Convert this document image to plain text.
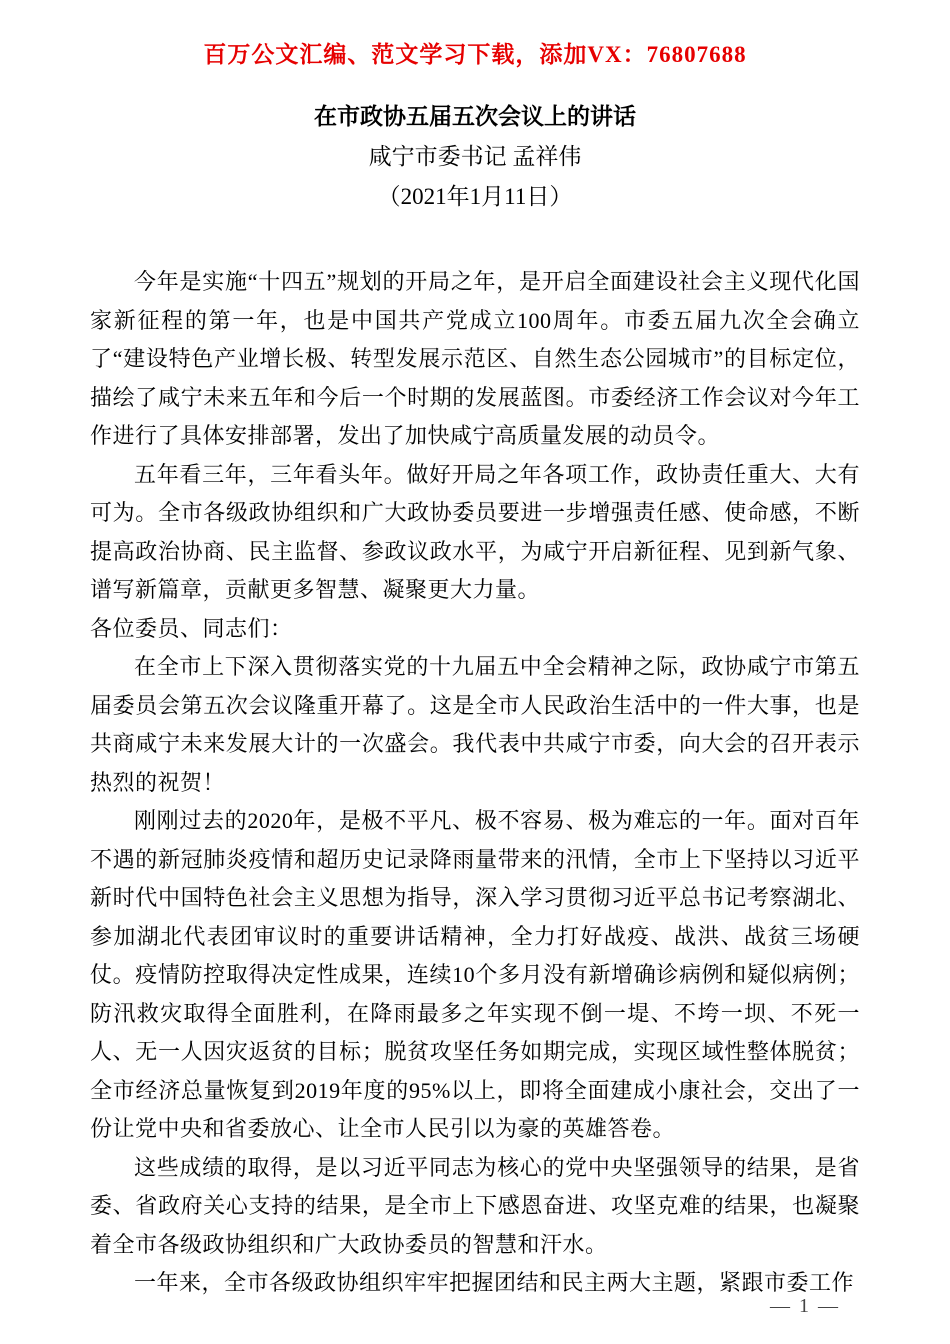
百万公文汇编、范文学习下载，添加VX：76807688

在市政协五届五次会议上的讲话

咸宁市委书记 孟祥伟

（2021年1月11日）

今年是实施“十四五”规划的开局之年，是开启全面建设社会主义现代化国家新征程的第一年，也是中国共产党成立100周年。市委五届九次全会确立了“建设特色产业增长极、转型发展示范区、自然生态公园城市”的目标定位，描绘了咸宁未来五年和今后一个时期的发展蓝图。市委经济工作会议对今年工作进行了具体安排部署，发出了加快咸宁高质量发展的动员令。

五年看三年，三年看头年。做好开局之年各项工作，政协责任重大、大有可为。全市各级政协组织和广大政协委员要进一步增强责任感、使命感，不断提高政治协商、民主监督、参政议政水平，为咸宁开启新征程、见到新气象、谱写新篇章，贡献更多智慧、凝聚更大力量。

各位委员、同志们：

在全市上下深入贯彻落实党的十九届五中全会精神之际，政协咸宁市第五届委员会第五次会议隆重开幕了。这是全市人民政治生活中的一件大事，也是共商咸宁未来发展大计的一次盛会。我代表中共咸宁市委，向大会的召开表示热烈的祝贺！

刚刚过去的2020年，是极不平凡、极不容易、极为难忘的一年。面对百年不遇的新冠肺炎疫情和超历史记录降雨量带来的汛情，全市上下坚持以习近平新时代中国特色社会主义思想为指导，深入学习贯彻习近平总书记考察湖北、参加湖北代表团审议时的重要讲话精神，全力打好战疫、战洪、战贫三场硬仗。疫情防控取得决定性成果，连续10个多月没有新增确诊病例和疑似病例；防汛救灾取得全面胜利，在降雨最多之年实现不倒一堤、不垮一坝、不死一人、无一人因灾返贫的目标；脱贫攻坚任务如期完成，实现区域性整体脱贫；全市经济总量恢复到2019年度的95%以上，即将全面建成小康社会，交出了一份让党中央和省委放心、让全市人民引以为豪的英雄答卷。

这些成绩的取得，是以习近平同志为核心的党中央坚强领导的结果，是省委、省政府关心支持的结果，是全市上下感恩奋进、攻坚克难的结果，也凝聚着全市各级政协组织和广大政协委员的智慧和汗水。

一年来，全市各级政协组织牢牢把握团结和民主两大主题，紧跟市委工作

— 1 —
